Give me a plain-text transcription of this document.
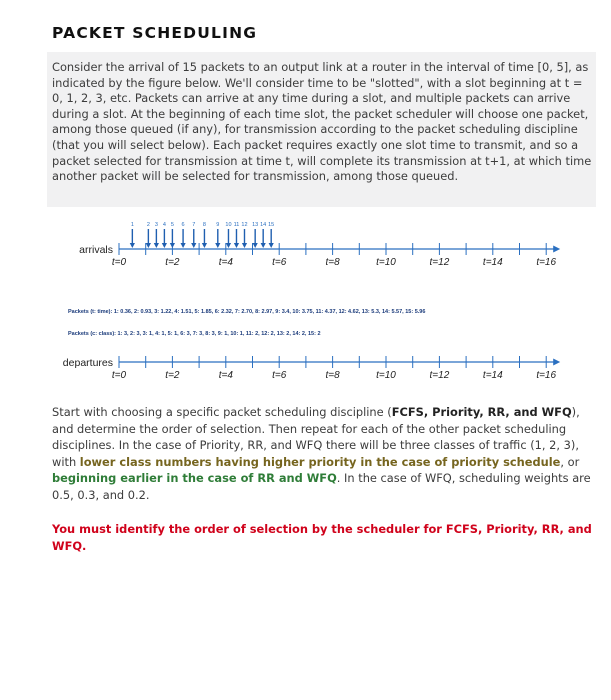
PACKET SCHEDULING

Consider the arrival of 15 packets to an output link at a router in the interval of time [0, 5], as indicated by the figure below. We'll consider time to be "slotted", with a slot beginning at t = 0, 1, 2, 3, etc. Packets can arrive at any time during a slot, and multiple packets can arrive during a slot. At the beginning of each time slot, the packet scheduler will choose one packet, among those queued (if any), for transmission according to the packet scheduling discipline (that you will select below). Each packet requires exactly one slot time to transmit, and so a packet selected for transmission at time t, will complete its transmission at t+1, at which time another packet will be selected for transmission, among those queued.

arrivals
t=0	t=2	t=4	t=6	t=8	t=10	t=12	t=14	t=16
1 2 3 4 5 6 7 8 9 10 11 12 13 14 15
Packets (t: time): 1: 0.36, 2: 0.93, 3: 1.22, 4: 1.51, 5: 1.85, 6: 2.32, 7: 2.70, 8: 2.97, 9: 3.4, 10: 3.75, 11: 4.37, 12: 4.62, 13: 5.3, 14: 5.57, 15: 5.96
Packets (c: class): 1: 3, 2: 3, 3: 1, 4: 1, 5: 1, 6: 3, 7: 3, 8: 3, 9: 1, 10: 1, 11: 2, 12: 2, 13: 2, 14: 2, 15: 2
departures
t=0	t=2	t=4	t=6	t=8	t=10	t=12	t=14	t=16

Start with choosing a specific packet scheduling discipline (FCFS, Priority, RR, and WFQ), and determine the order of selection. Then repeat for each of the other packet scheduling disciplines. In the case of Priority, RR, and WFQ there will be three classes of traffic (1, 2, 3), with lower class numbers having higher priority in the case of priority schedule, or beginning earlier in the case of RR and WFQ. In the case of WFQ, scheduling weights are 0.5, 0.3, and 0.2.

You must identify the order of selection by the scheduler for FCFS, Priority, RR, and WFQ.
